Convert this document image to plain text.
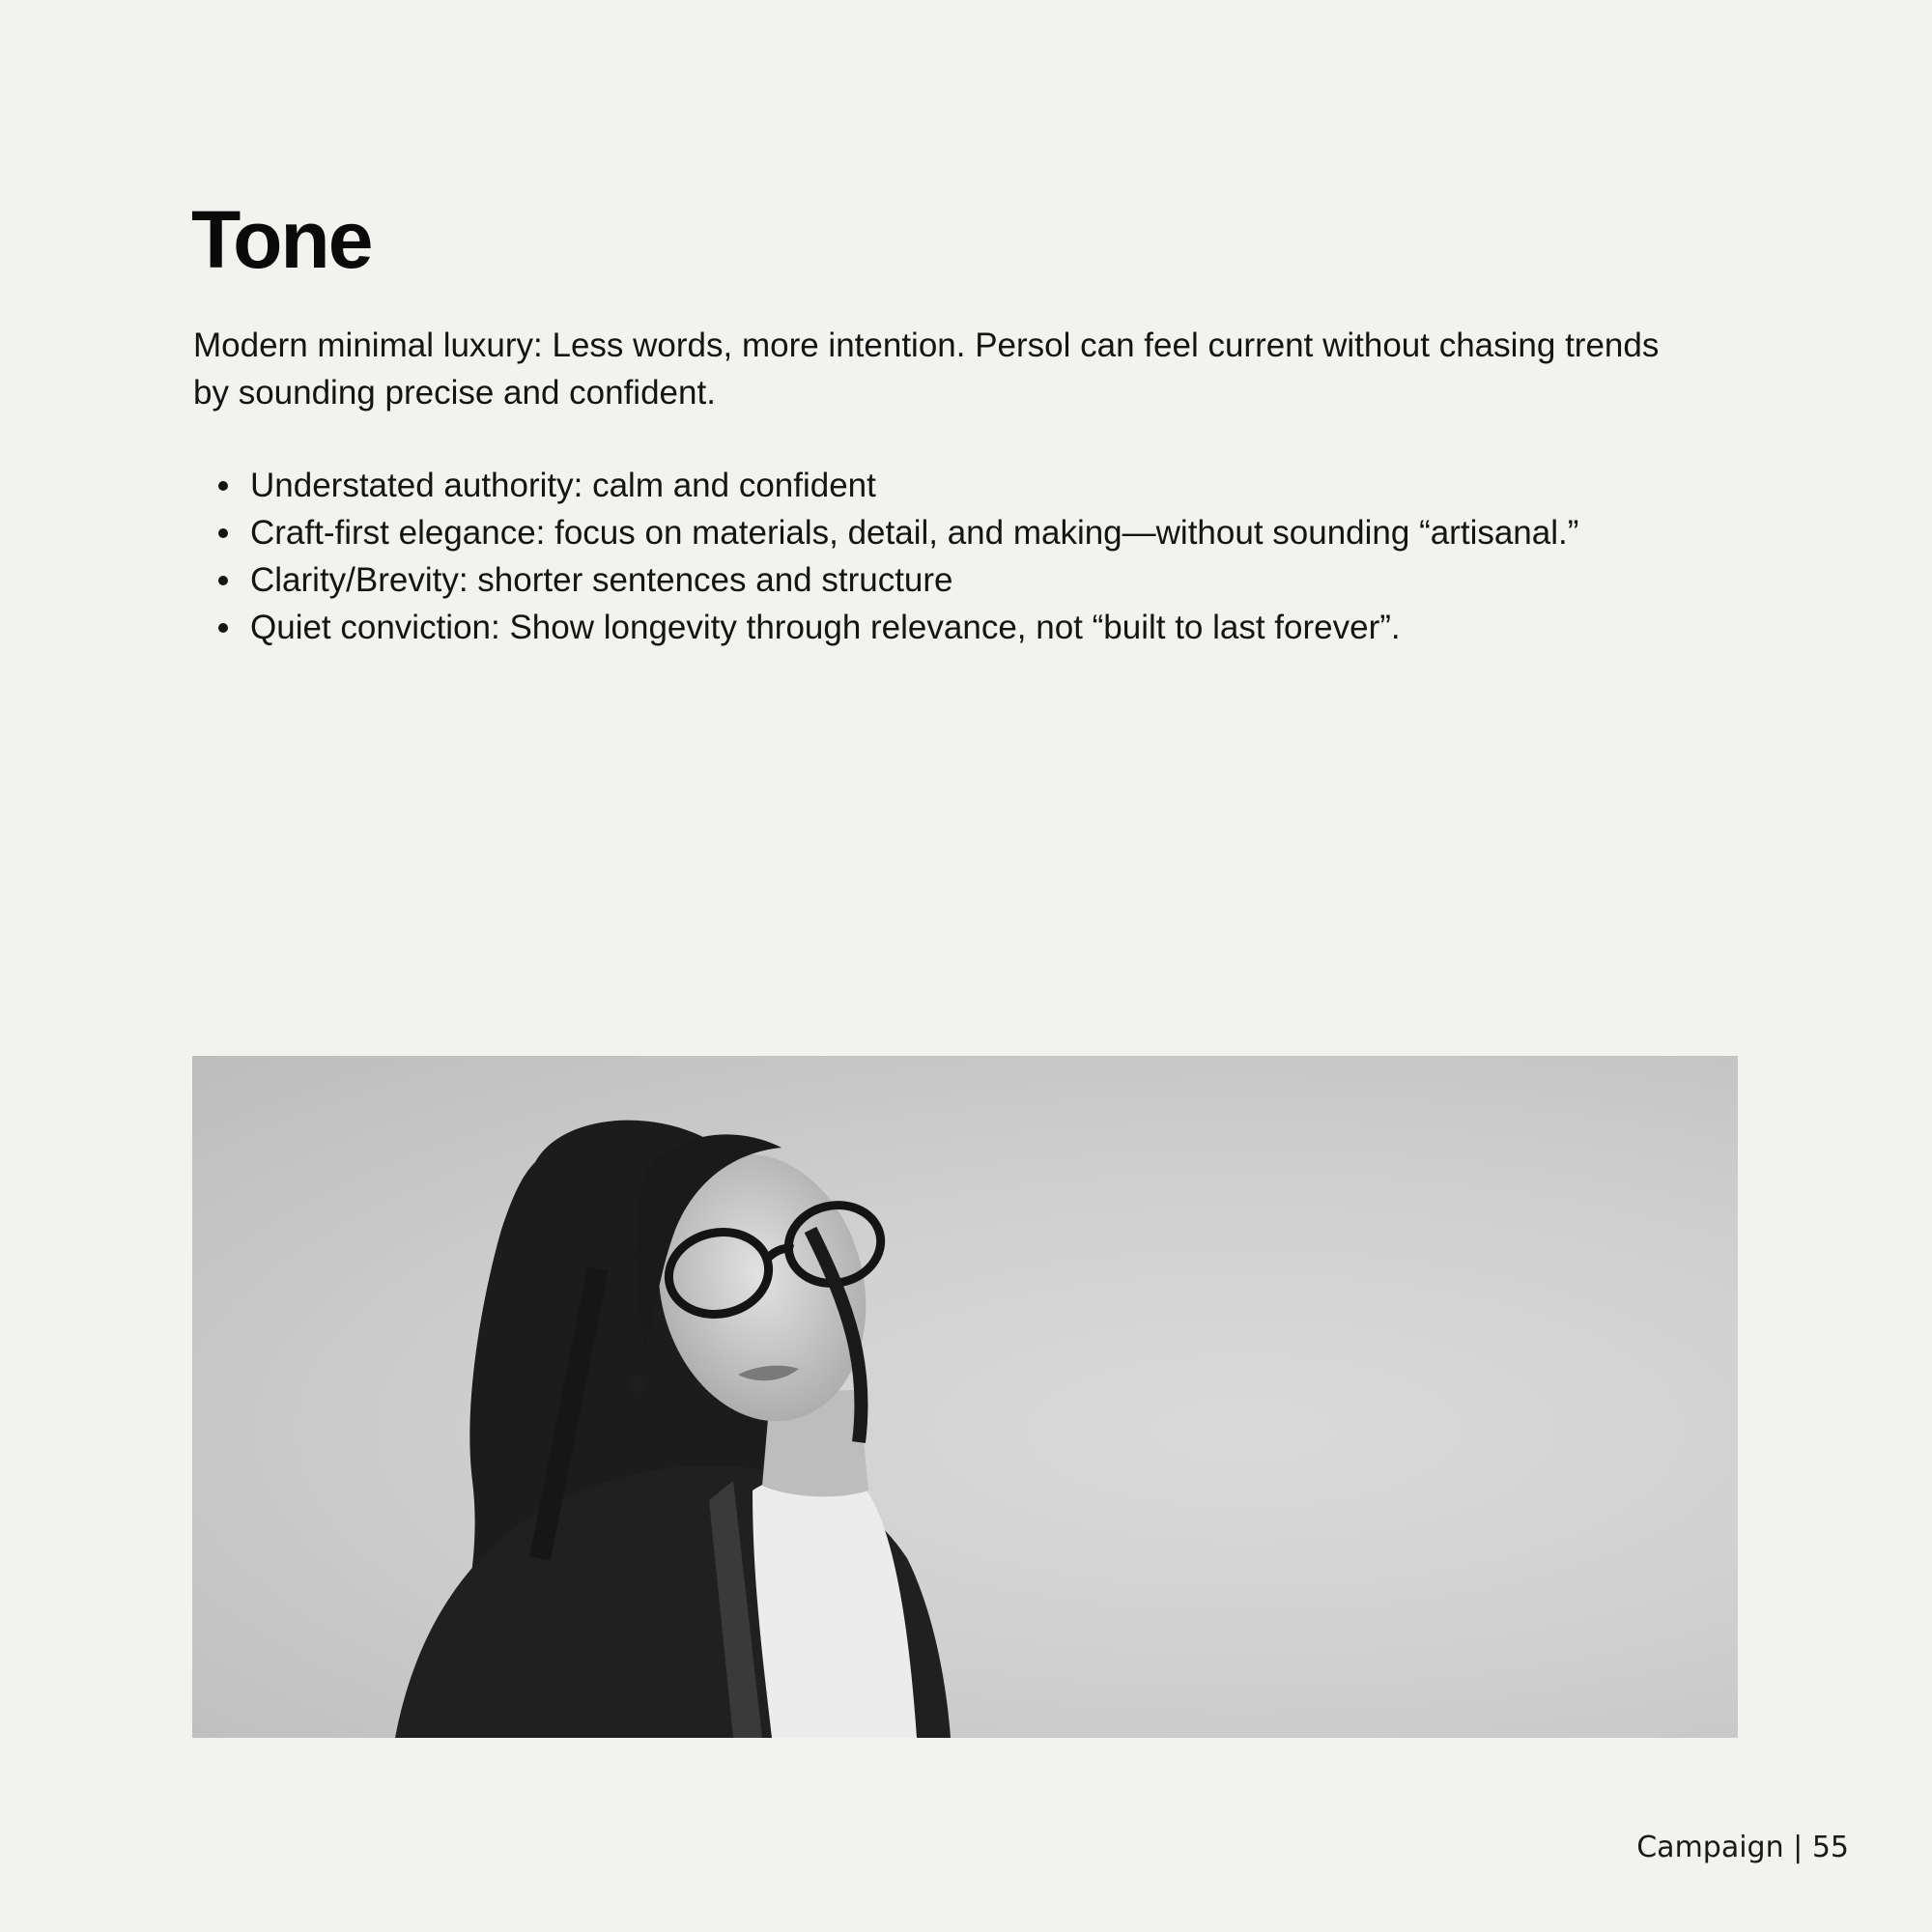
Tone

Modern minimal luxury: Less words, more intention. Persol can feel current without chasing trends by sounding precise and confident.

Understated authority: calm and confident
Craft-first elegance: focus on materials, detail, and making—without sounding “artisanal.”
Clarity/Brevity: shorter sentences and structure
Quiet conviction: Show longevity through relevance, not “built to last forever”.
Campaign | 55
